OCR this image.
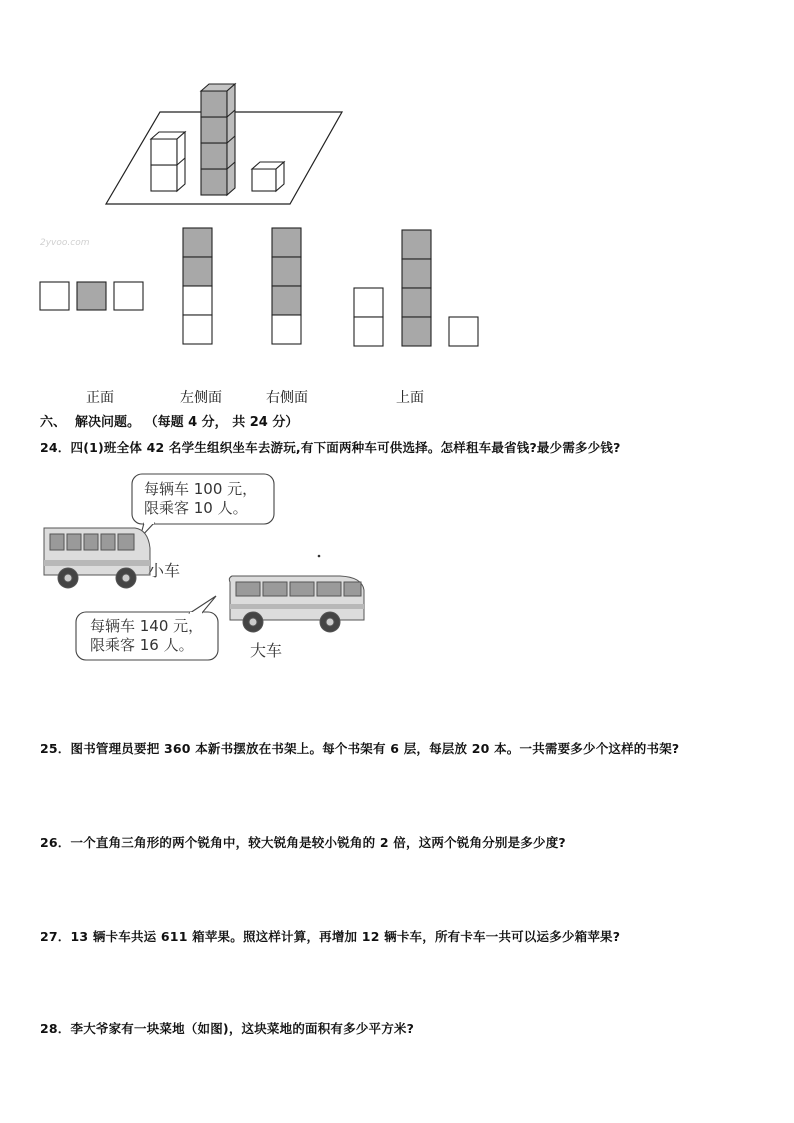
2yvoo.com
正面	左侧面	右侧面	上面
六、  解决问题。 （每题 4 分， 共 24 分）
24．四(1)班全体 42 名学生组织坐车去游玩,有下面两种车可供选择。怎样租车最省钱?最少需多少钱?
每辆车 100 元，
限乘客 10 人。
小车
每辆车 140 元，
限乘客 16 人。	大车
25．图书管理员要把 360 本新书摆放在书架上。每个书架有 6 层，每层放 20 本。一共需要多少个这样的书架?
26．一个直角三角形的两个锐角中，较大锐角是较小锐角的 2 倍，这两个锐角分别是多少度?
27．13 辆卡车共运 611 箱苹果。照这样计算，再增加 12 辆卡车，所有卡车一共可以运多少箱苹果?
28．李大爷家有一块菜地（如图)，这块菜地的面积有多少平方米?
